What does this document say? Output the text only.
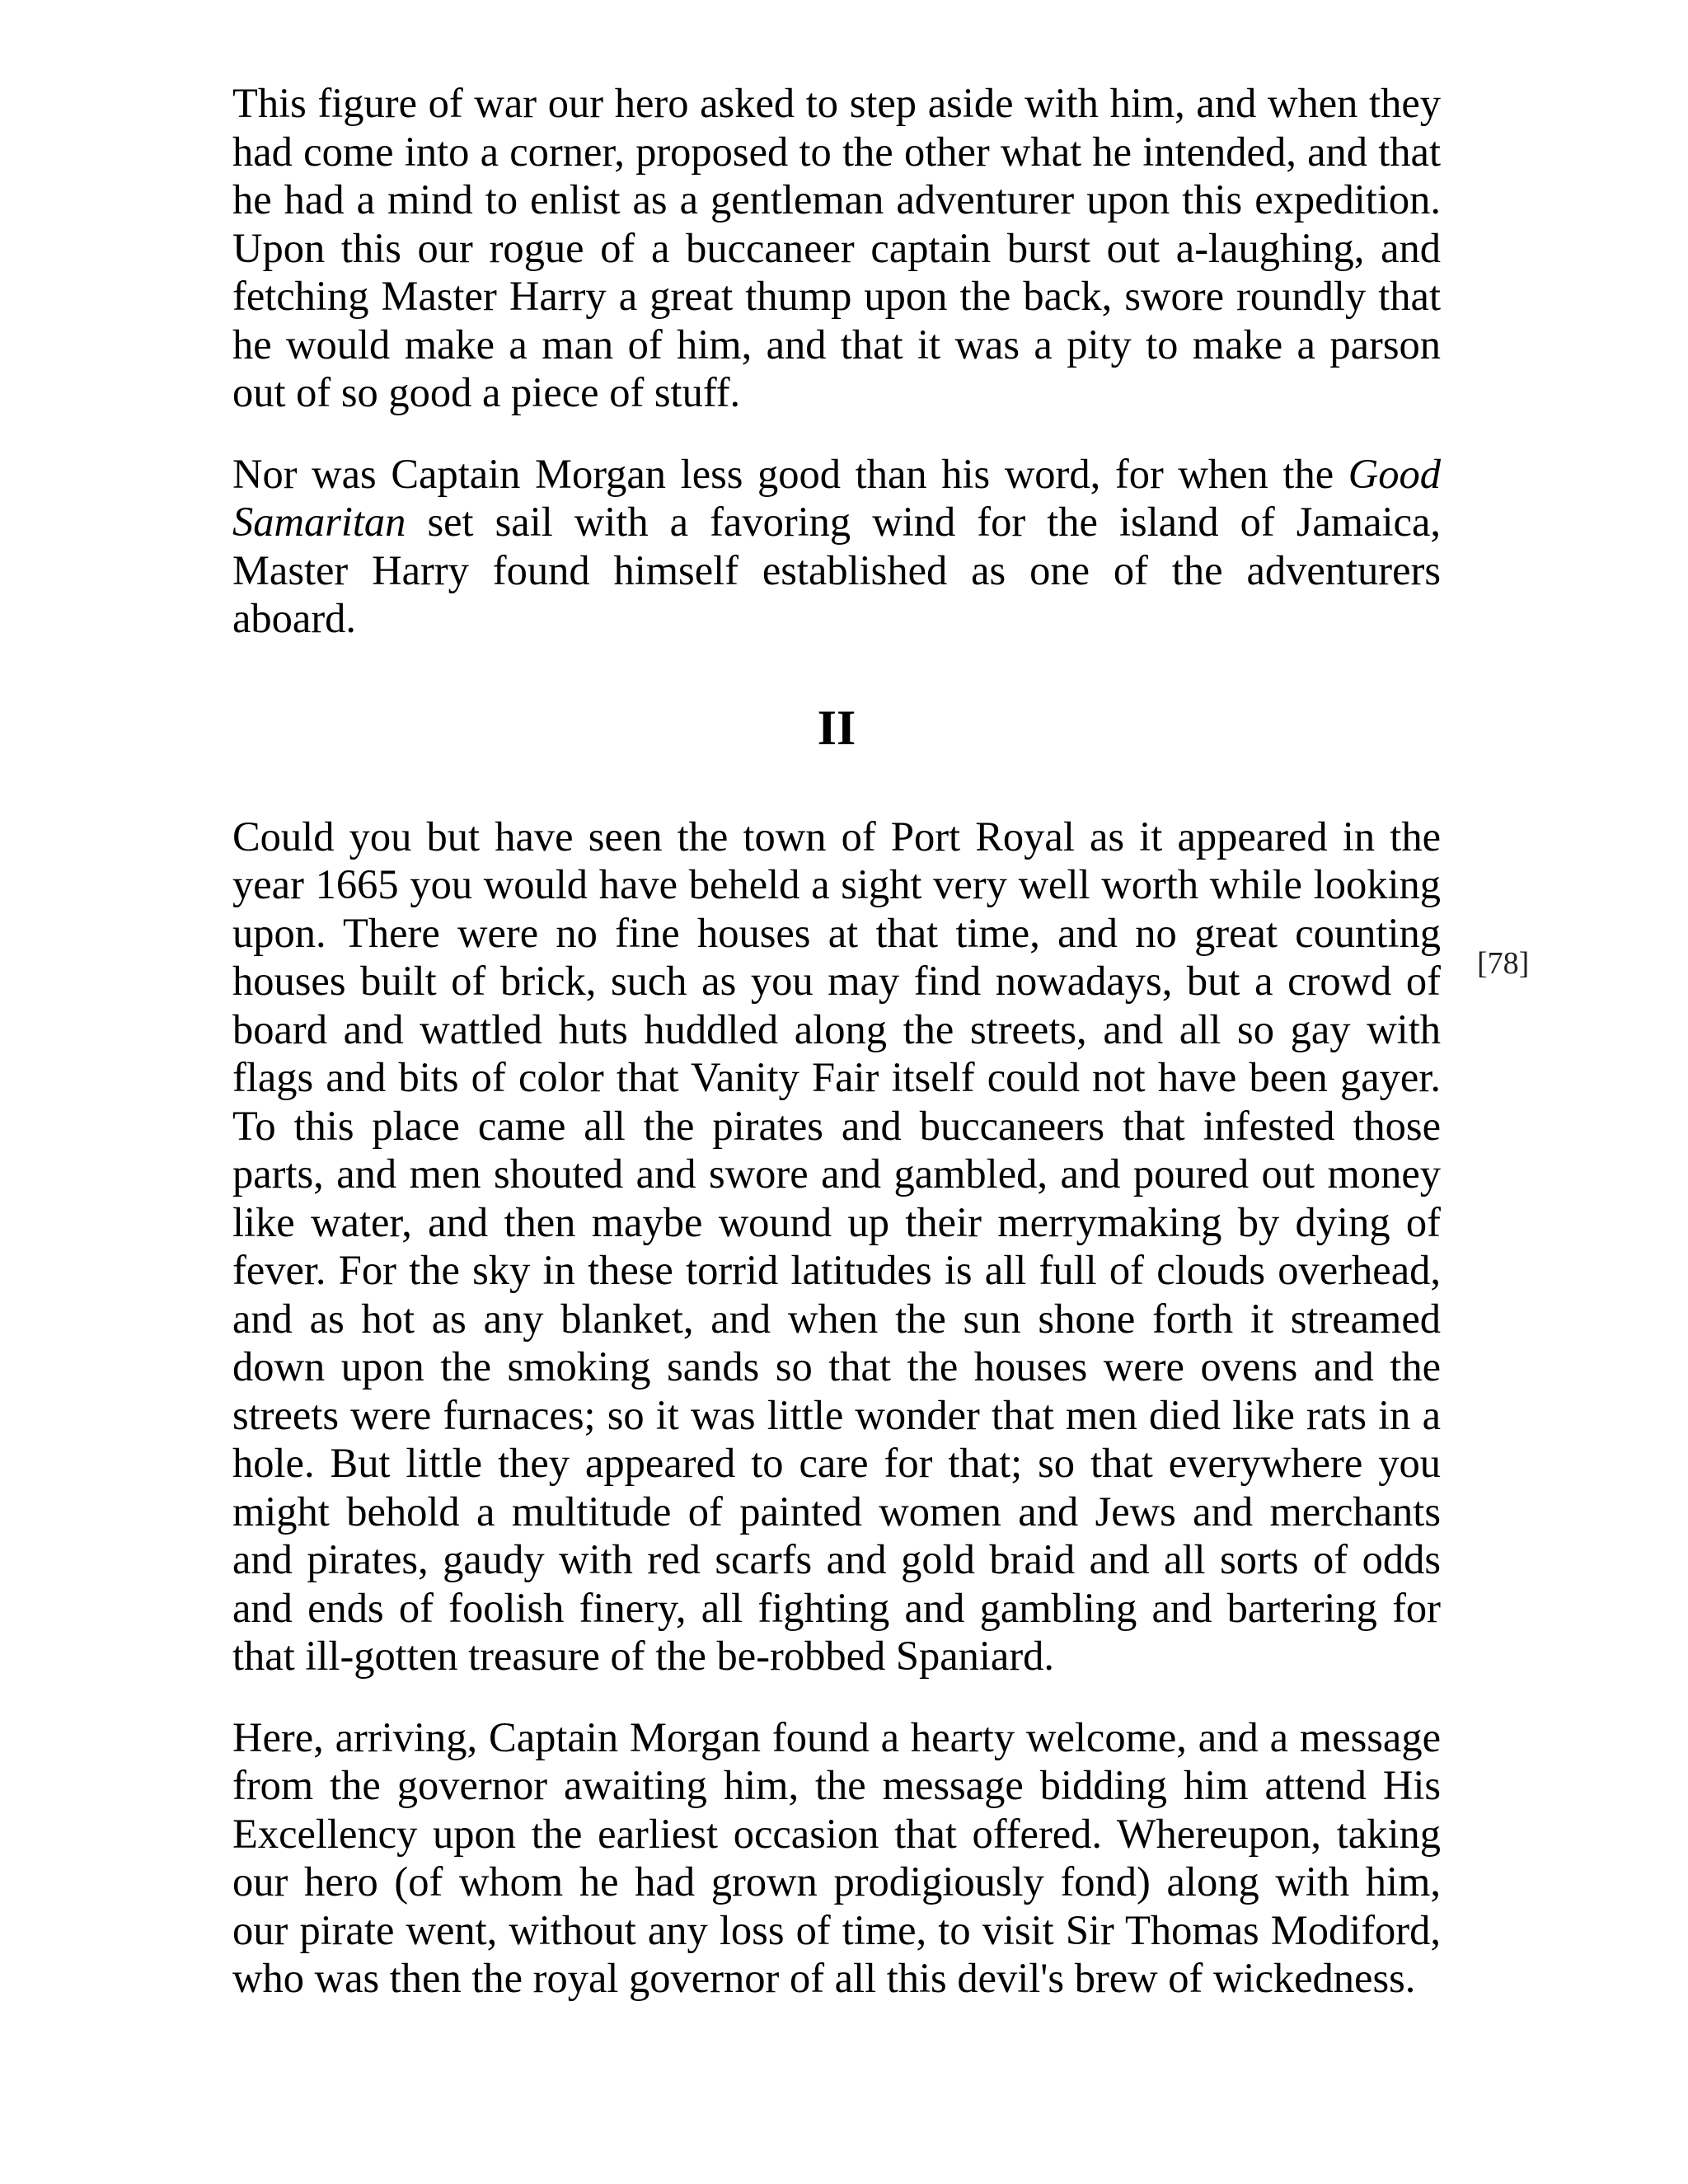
This figure of war our hero asked to step aside with him, and when they had come into a corner, proposed to the other what he intended, and that he had a mind to enlist as a gentleman adventurer upon this expedition. Upon this our rogue of a buccaneer captain burst out a-laughing, and fetching Master Harry a great thump upon the back, swore roundly that he would make a man of him, and that it was a pity to make a parson out of so good a piece of stuff.

Nor was Captain Morgan less good than his word, for when the Good Samaritan set sail with a favoring wind for the island of Jamaica, Master Harry found himself established as one of the adventurers aboard.

II

Could you but have seen the town of Port Royal as it appeared in the year 1665 you would have beheld a sight very well worth while looking upon. There were no fine houses at that time, and no great counting houses built of brick, such as you may find nowadays, but a crowd of board and wattled huts huddled along the streets, and all so gay with flags and bits of color that Vanity Fair itself could not have been gayer. To this place came all the pirates and buccaneers that infested those parts, and men shouted and swore and gambled, and poured out money like water, and then maybe wound up their merrymaking by dying of fever. For the sky in these torrid latitudes is all full of clouds overhead, and as hot as any blanket, and when the sun shone forth it streamed down upon the smoking sands so that the houses were ovens and the streets were furnaces; so it was little wonder that men died like rats in a hole. But little they appeared to care for that; so that everywhere you might behold a multitude of painted women and Jews and merchants and pirates, gaudy with red scarfs and gold braid and all sorts of odds and ends of foolish finery, all fighting and gambling and bartering for that ill-gotten treasure of the be-robbed Spaniard.

Here, arriving, Captain Morgan found a hearty welcome, and a message from the governor awaiting him, the message bidding him attend His Excellency upon the earliest occasion that offered. Whereupon, taking our hero (of whom he had grown prodigiously fond) along with him, our pirate went, without any loss of time, to visit Sir Thomas Modiford, who was then the royal governor of all this devil's brew of wickedness.

[78]
